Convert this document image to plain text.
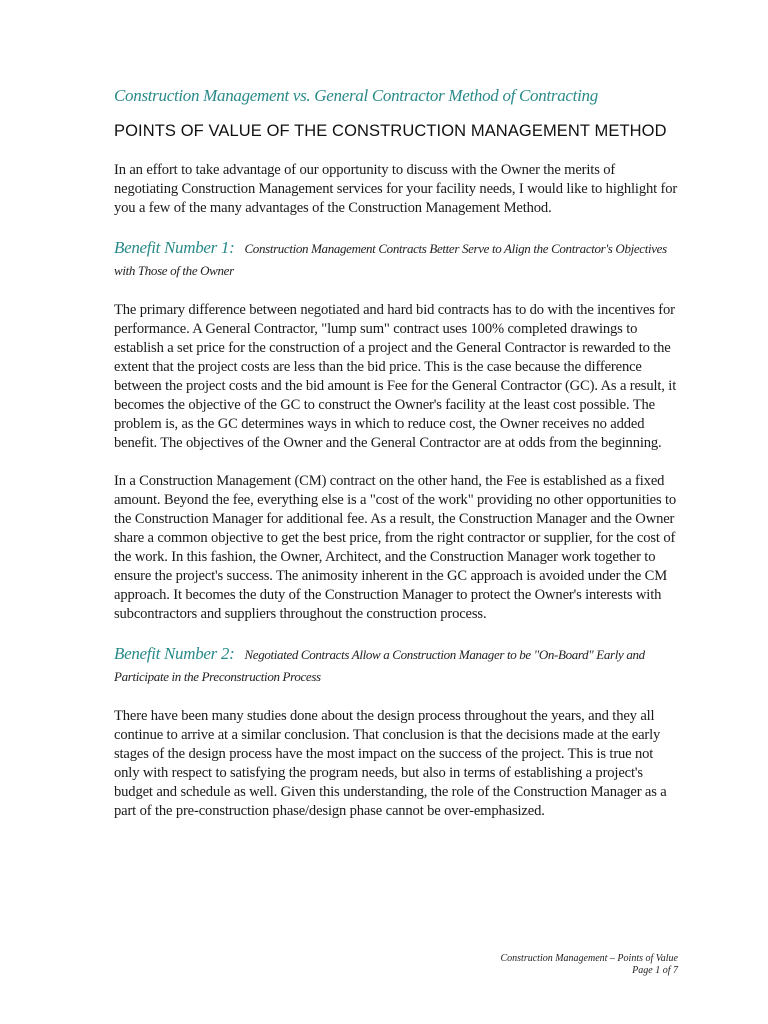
Construction Management vs. General Contractor Method of Contracting
POINTS OF VALUE OF THE CONSTRUCTION MANAGEMENT METHOD

In an effort to take advantage of our opportunity to discuss with the Owner the merits of negotiating Construction Management services for your facility needs, I would like to highlight for you a few of the many advantages of the Construction Management Method.

Benefit Number 1: Construction Management Contracts Better Serve to Align the Contractor's Objectives with Those of the Owner

The primary difference between negotiated and hard bid contracts has to do with the incentives for performance. A General Contractor, "lump sum" contract uses 100% completed drawings to establish a set price for the construction of a project and the General Contractor is rewarded to the extent that the project costs are less than the bid price. This is the case because the difference between the project costs and the bid amount is Fee for the General Contractor (GC). As a result, it becomes the objective of the GC to construct the Owner's facility at the least cost possible. The problem is, as the GC determines ways in which to reduce cost, the Owner receives no added benefit. The objectives of the Owner and the General Contractor are at odds from the beginning.

In a Construction Management (CM) contract on the other hand, the Fee is established as a fixed amount. Beyond the fee, everything else is a "cost of the work" providing no other opportunities to the Construction Manager for additional fee. As a result, the Construction Manager and the Owner share a common objective to get the best price, from the right contractor or supplier, for the cost of the work. In this fashion, the Owner, Architect, and the Construction Manager work together to ensure the project's success. The animosity inherent in the GC approach is avoided under the CM approach. It becomes the duty of the Construction Manager to protect the Owner's interests with subcontractors and suppliers throughout the construction process.

Benefit Number 2: Negotiated Contracts Allow a Construction Manager to be "On-Board" Early and Participate in the Preconstruction Process

There have been many studies done about the design process throughout the years, and they all continue to arrive at a similar conclusion. That conclusion is that the decisions made at the early stages of the design process have the most impact on the success of the project. This is true not only with respect to satisfying the program needs, but also in terms of establishing a project's budget and schedule as well. Given this understanding, the role of the Construction Manager as a part of the pre-construction phase/design phase cannot be over-emphasized.

Construction Management – Points of Value
Page 1 of 7
